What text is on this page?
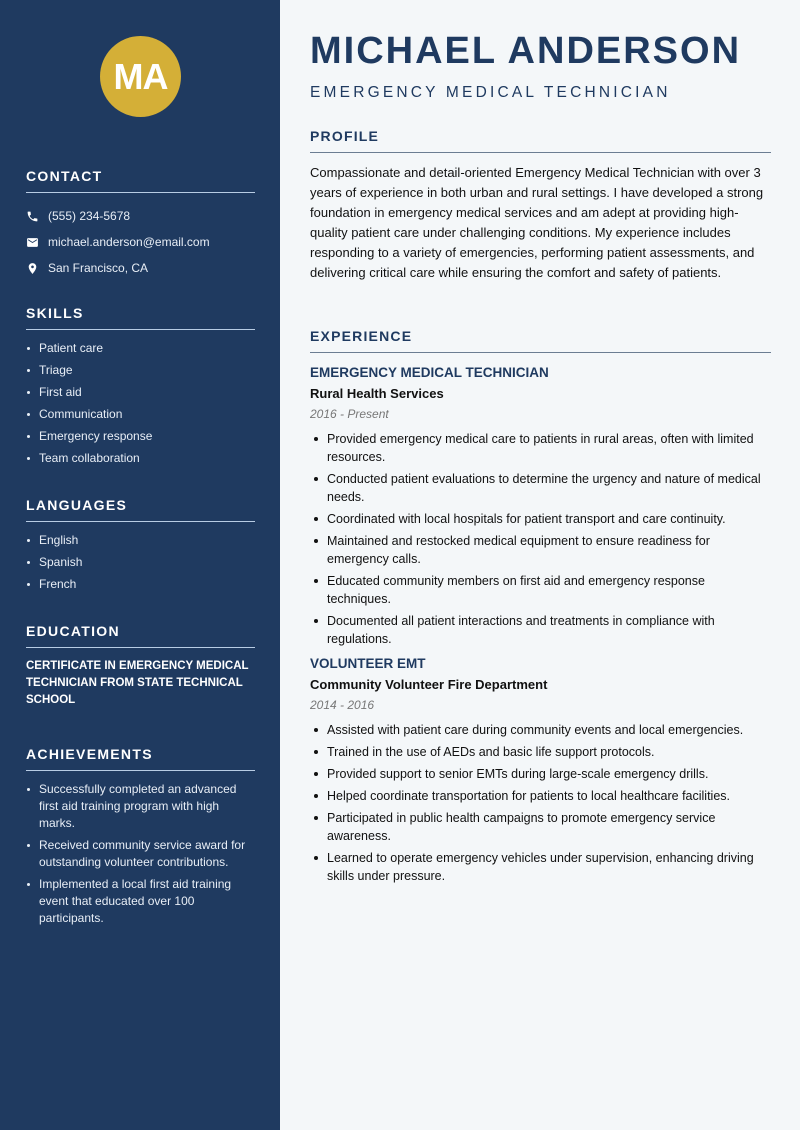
MA
CONTACT
(555) 234-5678
michael.anderson@email.com
San Francisco, CA
SKILLS
Patient care
Triage
First aid
Communication
Emergency response
Team collaboration
LANGUAGES
English
Spanish
French
EDUCATION
CERTIFICATE IN EMERGENCY MEDICAL TECHNICIAN FROM STATE TECHNICAL SCHOOL
ACHIEVEMENTS
Successfully completed an advanced first aid training program with high marks.
Received community service award for outstanding volunteer contributions.
Implemented a local first aid training event that educated over 100 participants.
MICHAEL ANDERSON
EMERGENCY MEDICAL TECHNICIAN
PROFILE

Compassionate and detail-oriented Emergency Medical Technician with over 3 years of experience in both urban and rural settings. I have developed a strong foundation in emergency medical services and am adept at providing high-quality patient care under challenging conditions. My experience includes responding to a variety of emergencies, performing patient assessments, and delivering critical care while ensuring the comfort and safety of patients.

EXPERIENCE
EMERGENCY MEDICAL TECHNICIAN
Rural Health Services
2016 - Present
Provided emergency medical care to patients in rural areas, often with limited resources.
Conducted patient evaluations to determine the urgency and nature of medical needs.
Coordinated with local hospitals for patient transport and care continuity.
Maintained and restocked medical equipment to ensure readiness for emergency calls.
Educated community members on first aid and emergency response techniques.
Documented all patient interactions and treatments in compliance with regulations.
VOLUNTEER EMT
Community Volunteer Fire Department
2014 - 2016
Assisted with patient care during community events and local emergencies.
Trained in the use of AEDs and basic life support protocols.
Provided support to senior EMTs during large-scale emergency drills.
Helped coordinate transportation for patients to local healthcare facilities.
Participated in public health campaigns to promote emergency service awareness.
Learned to operate emergency vehicles under supervision, enhancing driving skills under pressure.
